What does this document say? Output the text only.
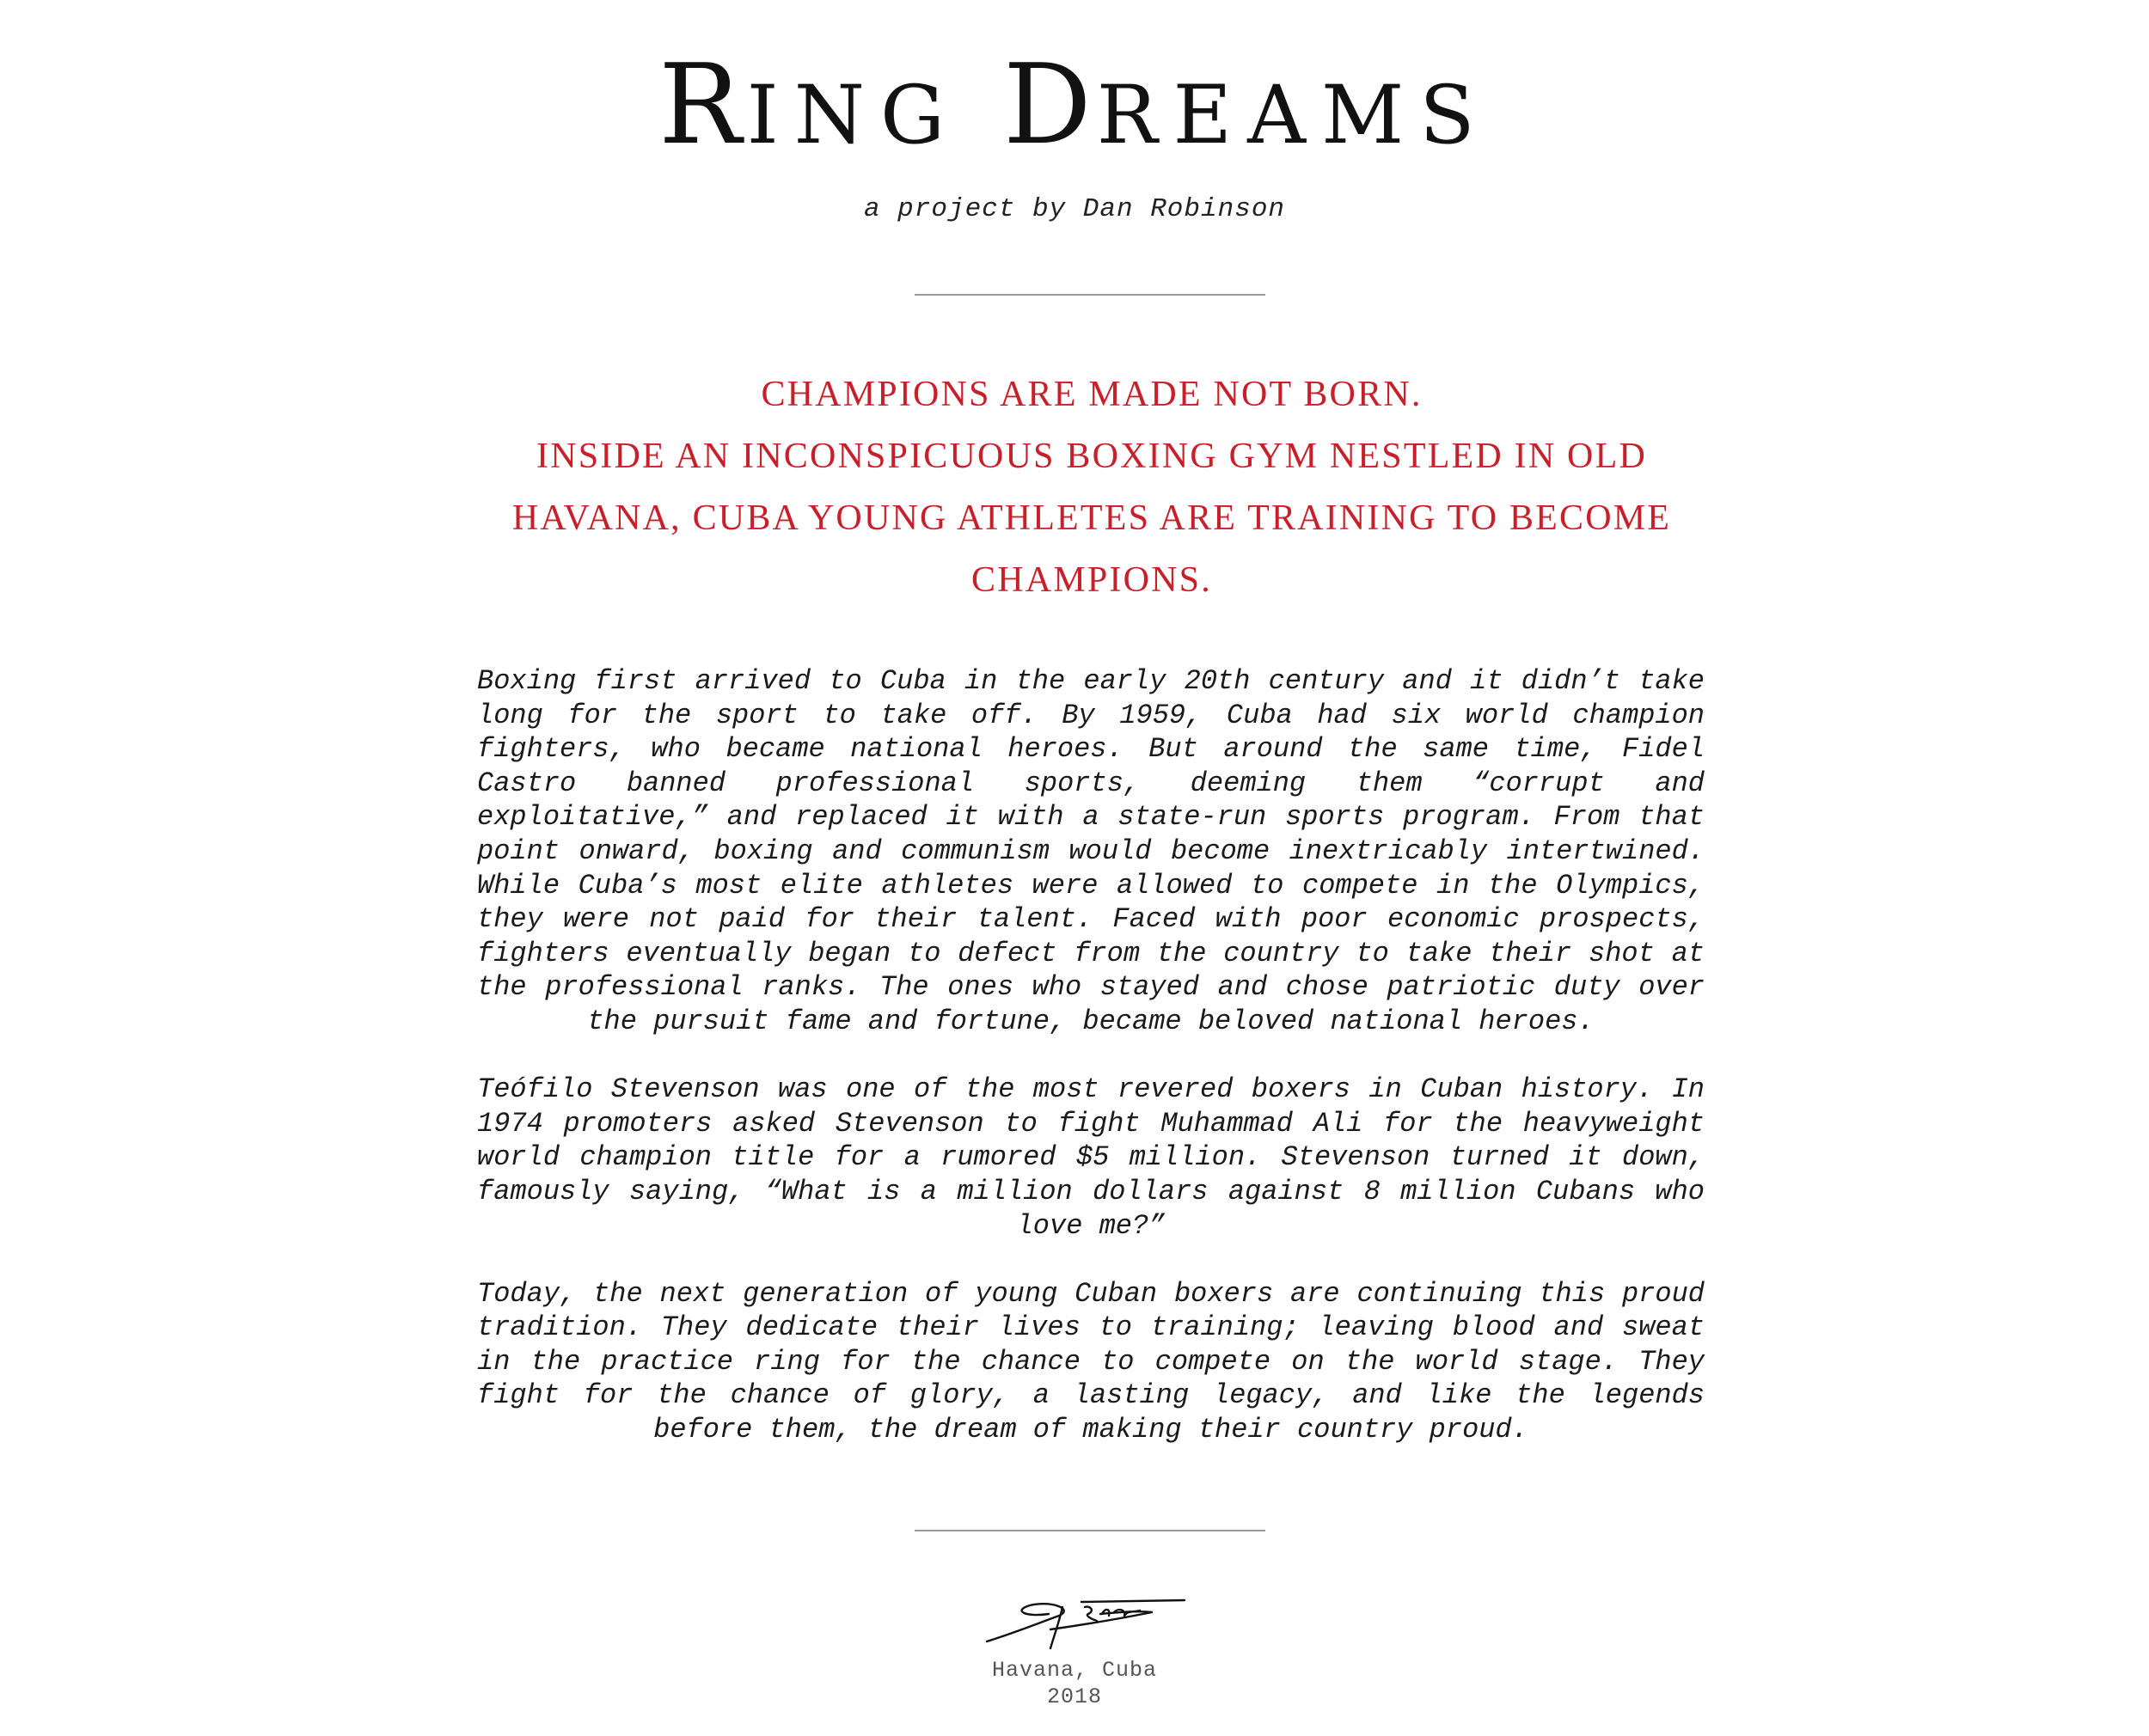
RING DREAMS
a project by Dan Robinson
CHAMPIONS ARE MADE NOT BORN.
INSIDE AN INCONSPICUOUS BOXING GYM NESTLED IN OLD
HAVANA, CUBA YOUNG ATHLETES ARE TRAINING TO BECOME
CHAMPIONS.

Boxing first arrived to Cuba in the early 20th century and it didn’t take long for the sport to take off. By 1959, Cuba had six world champion fighters, who became national heroes. But around the same time, Fidel Castro banned professional sports, deeming them “corrupt and exploitative,” and replaced it with a state-run sports program. From that point onward, boxing and communism would become inextricably intertwined. While Cuba’s most elite athletes were allowed to compete in the Olympics, they were not paid for their talent. Faced with poor economic prospects, fighters eventually began to defect from the country to take their shot at the professional ranks. The ones who stayed and chose patriotic duty over the pursuit fame and fortune, became beloved national heroes.

Teófilo Stevenson was one of the most revered boxers in Cuban history. In 1974 promoters asked Stevenson to fight Muhammad Ali for the heavyweight world champion title for a rumored $5 million. Stevenson turned it down, famously saying, “What is a million dollars against 8 million Cubans who love me?”

Today, the next generation of young Cuban boxers are continuing this proud tradition. They dedicate their lives to training; leaving blood and sweat in the practice ring for the chance to compete on the world stage. They fight for the chance of glory, a lasting legacy, and like the legends before them, the dream of making their country proud.

Havana, Cuba
2018
